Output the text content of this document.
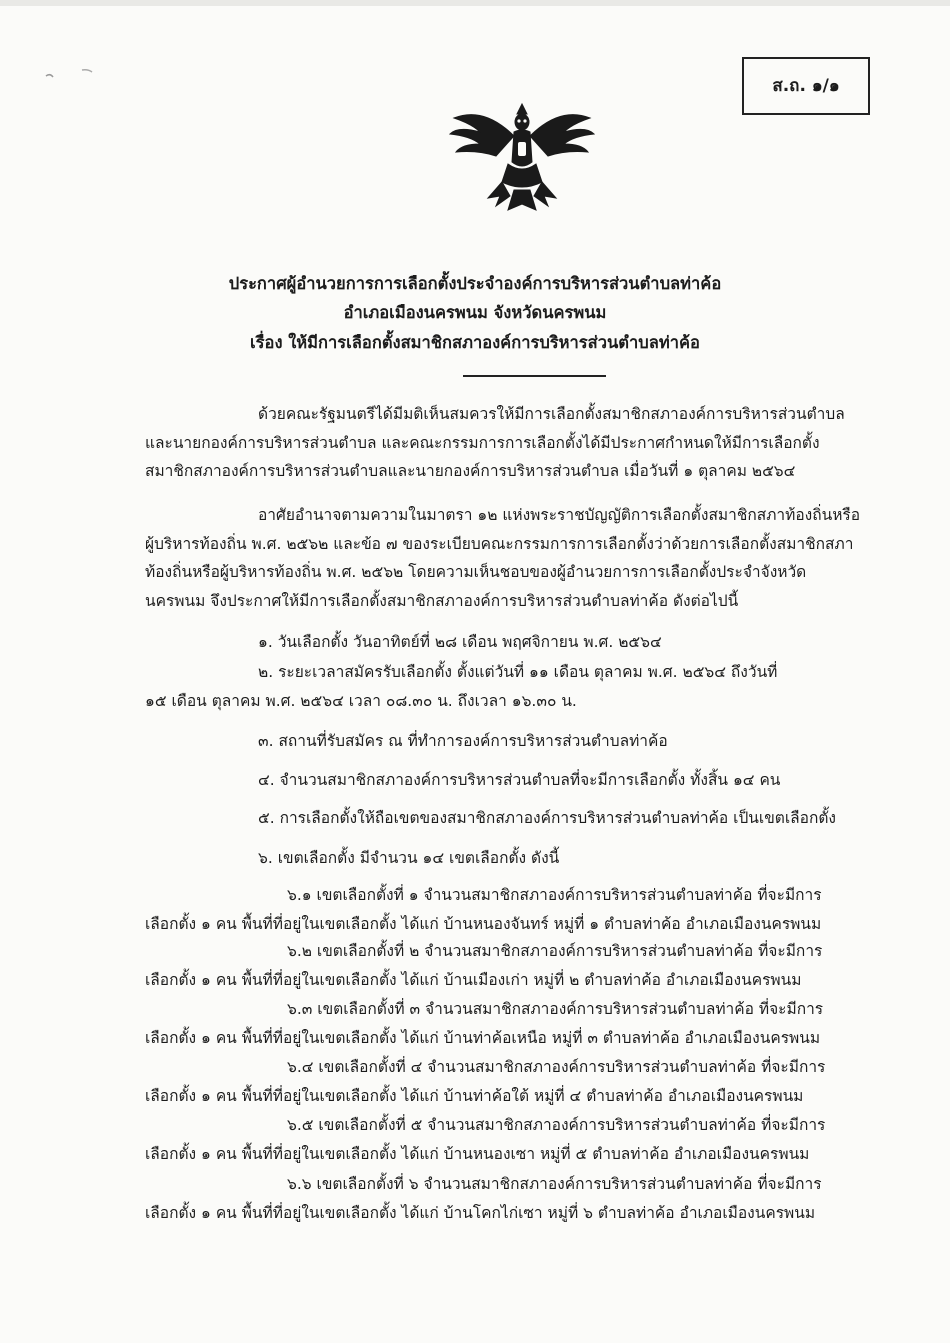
ส.ถ. ๑/๑
ประกาศผู้อำนวยการการเลือกตั้งประจำองค์การบริหารส่วนตำบลท่าค้อ
อำเภอเมืองนครพนม จังหวัดนครพนม
เรื่อง ให้มีการเลือกตั้งสมาชิกสภาองค์การบริหารส่วนตำบลท่าค้อ
ด้วยคณะรัฐมนตรีได้มีมติเห็นสมควรให้มีการเลือกตั้งสมาชิกสภาองค์การบริหารส่วนตำบล
และนายกองค์การบริหารส่วนตำบล และคณะกรรมการการเลือกตั้งได้มีประกาศกำหนดให้มีการเลือกตั้ง
สมาชิกสภาองค์การบริหารส่วนตำบลและนายกองค์การบริหารส่วนตำบล เมื่อวันที่ ๑ ตุลาคม ๒๕๖๔
อาศัยอำนาจตามความในมาตรา ๑๒ แห่งพระราชบัญญัติการเลือกตั้งสมาชิกสภาท้องถิ่นหรือ
ผู้บริหารท้องถิ่น พ.ศ. ๒๕๖๒ และข้อ ๗ ของระเบียบคณะกรรมการการเลือกตั้งว่าด้วยการเลือกตั้งสมาชิกสภา
ท้องถิ่นหรือผู้บริหารท้องถิ่น พ.ศ. ๒๕๖๒ โดยความเห็นชอบของผู้อำนวยการการเลือกตั้งประจำจังหวัด
นครพนม จึงประกาศให้มีการเลือกตั้งสมาชิกสภาองค์การบริหารส่วนตำบลท่าค้อ ดังต่อไปนี้
๑. วันเลือกตั้ง วันอาทิตย์ที่ ๒๘ เดือน พฤศจิกายน พ.ศ. ๒๕๖๔
๒. ระยะเวลาสมัครรับเลือกตั้ง ตั้งแต่วันที่ ๑๑ เดือน ตุลาคม พ.ศ. ๒๕๖๔ ถึงวันที่
๑๕ เดือน ตุลาคม พ.ศ. ๒๕๖๔ เวลา ๐๘.๓๐ น. ถึงเวลา ๑๖.๓๐ น.
๓. สถานที่รับสมัคร ณ ที่ทำการองค์การบริหารส่วนตำบลท่าค้อ
๔. จำนวนสมาชิกสภาองค์การบริหารส่วนตำบลที่จะมีการเลือกตั้ง ทั้งสิ้น ๑๔ คน
๕. การเลือกตั้งให้ถือเขตของสมาชิกสภาองค์การบริหารส่วนตำบลท่าค้อ เป็นเขตเลือกตั้ง
๖. เขตเลือกตั้ง มีจำนวน ๑๔ เขตเลือกตั้ง ดังนี้
๖.๑ เขตเลือกตั้งที่ ๑ จำนวนสมาชิกสภาองค์การบริหารส่วนตำบลท่าค้อ ที่จะมีการ
เลือกตั้ง ๑ คน พื้นที่ที่อยู่ในเขตเลือกตั้ง ได้แก่ บ้านหนองจันทร์ หมู่ที่ ๑ ตำบลท่าค้อ อำเภอเมืองนครพนม
๖.๒ เขตเลือกตั้งที่ ๒ จำนวนสมาชิกสภาองค์การบริหารส่วนตำบลท่าค้อ ที่จะมีการ
เลือกตั้ง ๑ คน พื้นที่ที่อยู่ในเขตเลือกตั้ง ได้แก่ บ้านเมืองเก่า หมู่ที่ ๒ ตำบลท่าค้อ อำเภอเมืองนครพนม
๖.๓ เขตเลือกตั้งที่ ๓ จำนวนสมาชิกสภาองค์การบริหารส่วนตำบลท่าค้อ ที่จะมีการ
เลือกตั้ง ๑ คน พื้นที่ที่อยู่ในเขตเลือกตั้ง ได้แก่ บ้านท่าค้อเหนือ หมู่ที่ ๓ ตำบลท่าค้อ อำเภอเมืองนครพนม
๖.๔ เขตเลือกตั้งที่ ๔ จำนวนสมาชิกสภาองค์การบริหารส่วนตำบลท่าค้อ ที่จะมีการ
เลือกตั้ง ๑ คน พื้นที่ที่อยู่ในเขตเลือกตั้ง ได้แก่ บ้านท่าค้อใต้ หมู่ที่ ๔ ตำบลท่าค้อ อำเภอเมืองนครพนม
๖.๕ เขตเลือกตั้งที่ ๕ จำนวนสมาชิกสภาองค์การบริหารส่วนตำบลท่าค้อ ที่จะมีการ
เลือกตั้ง ๑ คน พื้นที่ที่อยู่ในเขตเลือกตั้ง ได้แก่ บ้านหนองเซา หมู่ที่ ๕ ตำบลท่าค้อ อำเภอเมืองนครพนม
๖.๖ เขตเลือกตั้งที่ ๖ จำนวนสมาชิกสภาองค์การบริหารส่วนตำบลท่าค้อ ที่จะมีการ
เลือกตั้ง ๑ คน พื้นที่ที่อยู่ในเขตเลือกตั้ง ได้แก่ บ้านโคกไก่เซา หมู่ที่ ๖ ตำบลท่าค้อ อำเภอเมืองนครพนม
